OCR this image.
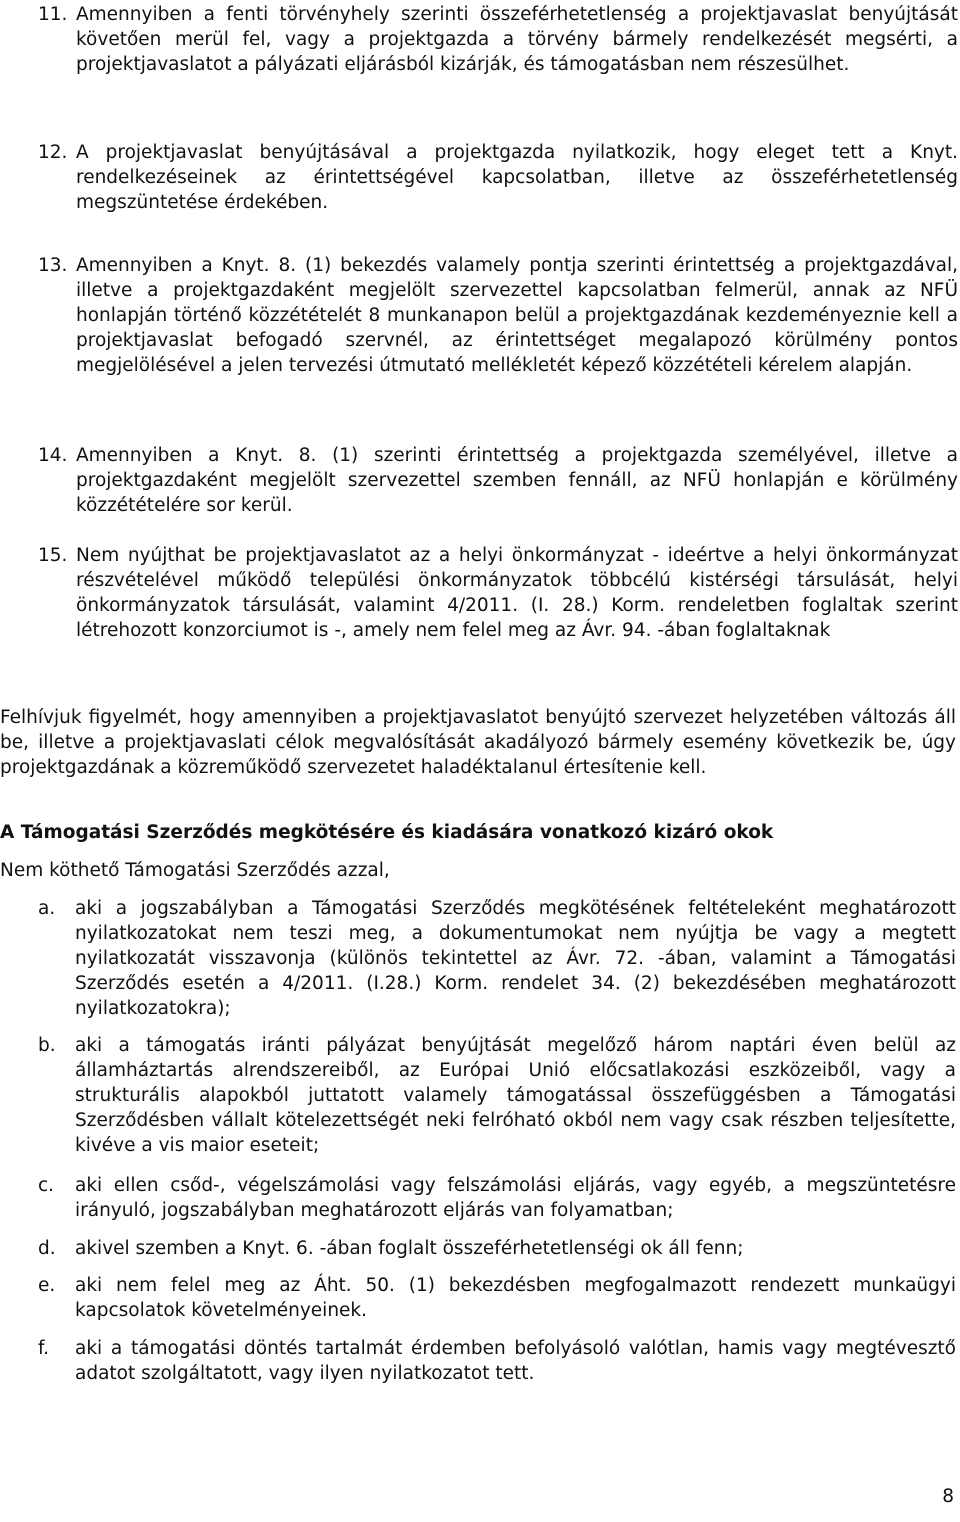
11. Amennyiben a fenti törvényhely szerinti összeférhetetlenség a projektjavaslat benyújtását követően merül fel, vagy a projektgazda a törvény bármely rendelkezését megsérti, a projektjavaslatot a pályázati eljárásból kizárják, és támogatásban nem részesülhet.
12. A projektjavaslat benyújtásával a projektgazda nyilatkozik, hogy eleget tett a Knyt. rendelkezéseinek az érintettségével kapcsolatban, illetve az összeférhetetlenség megszüntetése érdekében.
13. Amennyiben a Knyt. 8. (1) bekezdés valamely pontja szerinti érintettség a projektgazdával, illetve a projektgazdaként megjelölt szervezettel kapcsolatban felmerül, annak az NFÜ honlapján történő közzétételét 8 munkanapon belül a projektgazdának kezdeményeznie kell a projektjavaslat befogadó szervnél, az érintettséget megalapozó körülmény pontos megjelölésével a jelen tervezési útmutató mellékletét képező közzétételi kérelem alapján.
14. Amennyiben a Knyt. 8. (1) szerinti érintettség a projektgazda személyével, illetve a projektgazdaként megjelölt szervezettel szemben fennáll, az NFÜ honlapján e körülmény közzétételére sor kerül.
15. Nem nyújthat be projektjavaslatot az a helyi önkormányzat - ideértve a helyi önkormányzat részvételével működő települési önkormányzatok többcélú kistérségi társulását, helyi önkormányzatok társulását, valamint 4/2011. (I. 28.) Korm. rendeletben foglaltak szerint létrehozott konzorciumot is -, amely nem felel meg az Ávr. 94. -ában foglaltaknak
Felhívjuk figyelmét, hogy amennyiben a projektjavaslatot benyújtó szervezet helyzetében változás áll be, illetve a projektjavaslati célok megvalósítását akadályozó bármely esemény következik be, úgy projektgazdának a közreműködő szervezetet haladéktalanul értesítenie kell.
A Támogatási Szerződés megkötésére és kiadására vonatkozó kizáró okok
Nem köthető Támogatási Szerződés azzal,
a. aki a jogszabályban a Támogatási Szerződés megkötésének feltételeként meghatározott nyilatkozatokat nem teszi meg, a dokumentumokat nem nyújtja be vagy a megtett nyilatkozatát visszavonja (különös tekintettel az Ávr. 72. -ában, valamint a Támogatási Szerződés esetén a 4/2011. (I.28.) Korm. rendelet 34. (2) bekezdésében meghatározott nyilatkozatokra);
b. aki a támogatás iránti pályázat benyújtását megelőző három naptári éven belül az államháztartás alrendszereiből, az Európai Unió előcsatlakozási eszközeiből, vagy a strukturális alapokból juttatott valamely támogatással összefüggésben a Támogatási Szerződésben vállalt kötelezettségét neki felróható okból nem vagy csak részben teljesítette, kivéve a vis maior eseteit;
c. aki ellen csőd-, végelszámolási vagy felszámolási eljárás, vagy egyéb, a megszüntetésre irányuló, jogszabályban meghatározott eljárás van folyamatban;
d. akivel szemben a Knyt. 6. -ában foglalt összeférhetetlenségi ok áll fenn;
e. aki nem felel meg az Áht. 50. (1) bekezdésben megfogalmazott rendezett munkaügyi kapcsolatok követelményeinek.
f. aki a támogatási döntés tartalmát érdemben befolyásoló valótlan, hamis vagy megtévesztő adatot szolgáltatott, vagy ilyen nyilatkozatot tett.
8
